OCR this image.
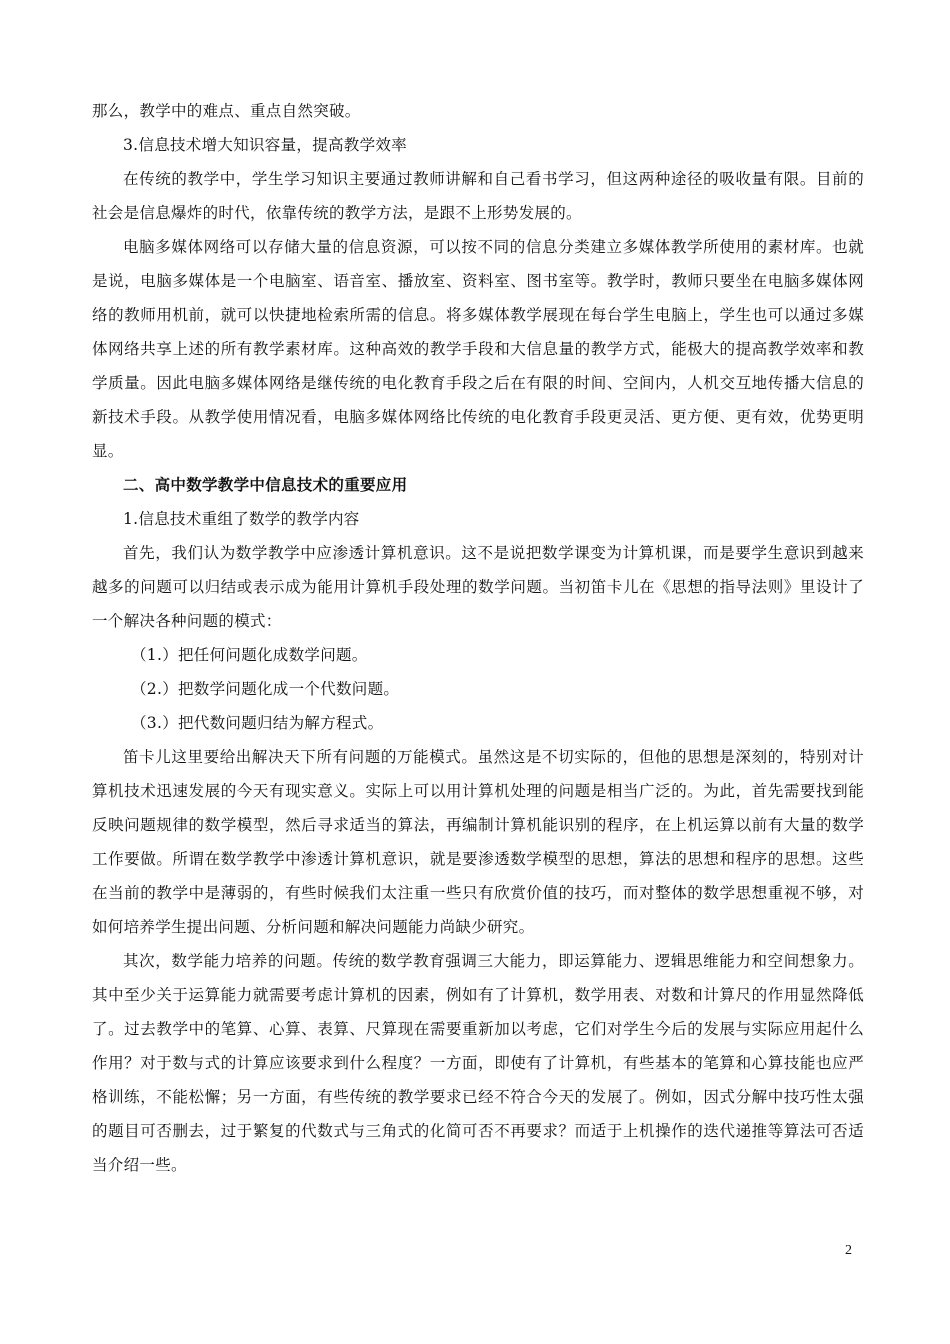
那么，教学中的难点、重点自然突破。

3.信息技术增大知识容量，提高教学效率

在传统的教学中，学生学习知识主要通过教师讲解和自己看书学习，但这两种途径的吸收量有限。目前的社会是信息爆炸的时代，依靠传统的教学方法，是跟不上形势发展的。

电脑多媒体网络可以存储大量的信息资源，可以按不同的信息分类建立多媒体教学所使用的素材库。也就是说，电脑多媒体是一个电脑室、语音室、播放室、资料室、图书室等。教学时，教师只要坐在电脑多媒体网络的教师用机前，就可以快捷地检索所需的信息。将多媒体教学展现在每台学生电脑上，学生也可以通过多媒体网络共享上述的所有教学素材库。这种高效的教学手段和大信息量的教学方式，能极大的提高教学效率和教学质量。因此电脑多媒体网络是继传统的电化教育手段之后在有限的时间、空间内，人机交互地传播大信息的新技术手段。从教学使用情况看，电脑多媒体网络比传统的电化教育手段更灵活、更方便、更有效，优势更明显。

二、高中数学教学中信息技术的重要应用

1.信息技术重组了数学的教学内容

首先，我们认为数学教学中应渗透计算机意识。这不是说把数学课变为计算机课，而是要学生意识到越来越多的问题可以归结或表示成为能用计算机手段处理的数学问题。当初笛卡儿在《思想的指导法则》里设计了一个解决各种问题的模式：

（1.）把任何问题化成数学问题。

（2.）把数学问题化成一个代数问题。

（3.）把代数问题归结为解方程式。

笛卡儿这里要给出解决天下所有问题的万能模式。虽然这是不切实际的，但他的思想是深刻的，特别对计算机技术迅速发展的今天有现实意义。实际上可以用计算机处理的问题是相当广泛的。为此，首先需要找到能反映问题规律的数学模型，然后寻求适当的算法，再编制计算机能识别的程序，在上机运算以前有大量的数学工作要做。所谓在数学教学中渗透计算机意识，就是要渗透数学模型的思想，算法的思想和程序的思想。这些在当前的教学中是薄弱的，有些时候我们太注重一些只有欣赏价值的技巧，而对整体的数学思想重视不够，对如何培养学生提出问题、分析问题和解决问题能力尚缺少研究。

其次，数学能力培养的问题。传统的数学教育强调三大能力，即运算能力、逻辑思维能力和空间想象力。其中至少关于运算能力就需要考虑计算机的因素，例如有了计算机，数学用表、对数和计算尺的作用显然降低了。过去教学中的笔算、心算、表算、尺算现在需要重新加以考虑，它们对学生今后的发展与实际应用起什么作用？对于数与式的计算应该要求到什么程度？一方面，即使有了计算机，有些基本的笔算和心算技能也应严格训练，不能松懈；另一方面，有些传统的教学要求已经不符合今天的发展了。例如，因式分解中技巧性太强的题目可否删去，过于繁复的代数式与三角式的化简可否不再要求？而适于上机操作的迭代递推等算法可否适当介绍一些。

2
